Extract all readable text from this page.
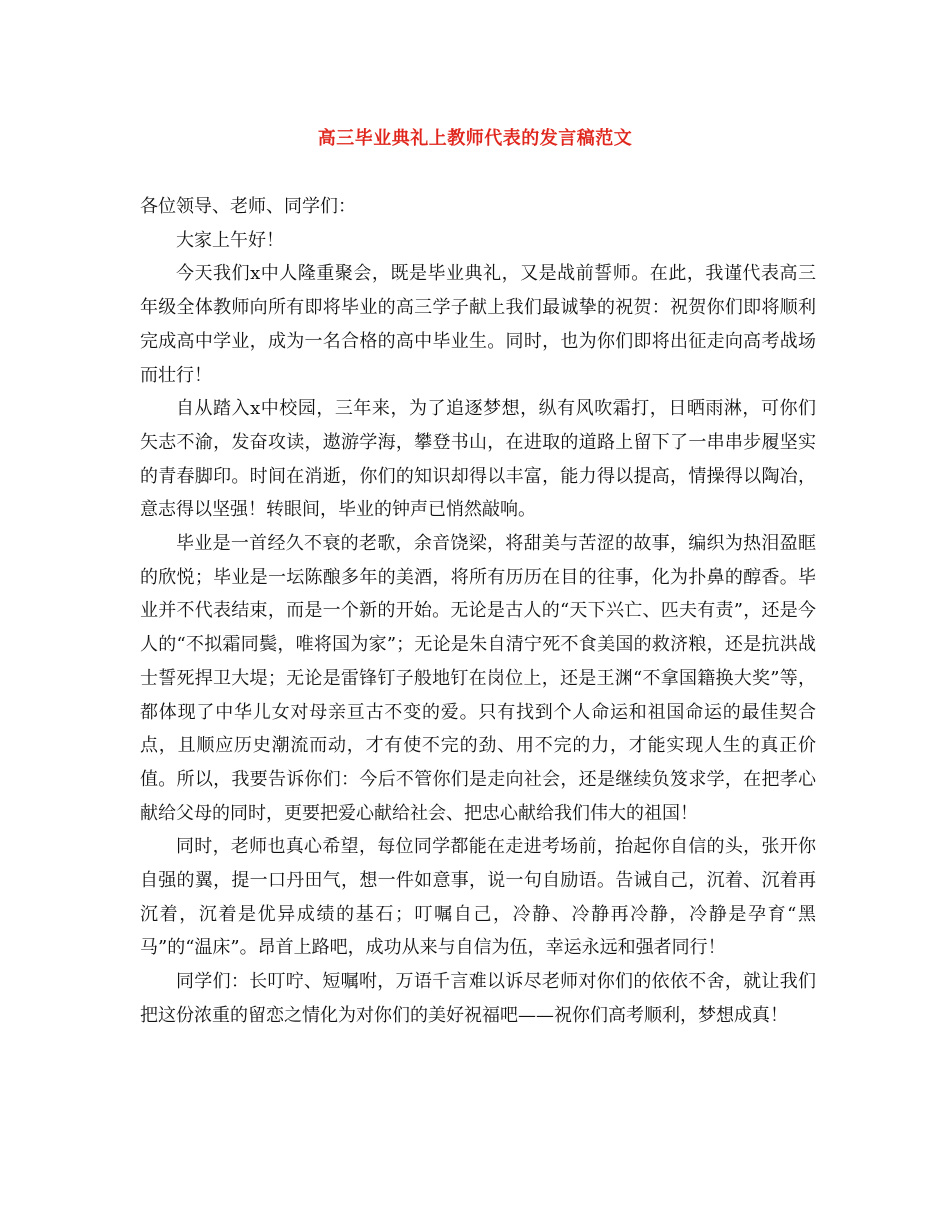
高三毕业典礼上教师代表的发言稿范文

各位领导、老师、同学们：

大家上午好！

今天我们x中人隆重聚会，既是毕业典礼，又是战前誓师。在此，我谨代表高三年级全体教师向所有即将毕业的高三学子献上我们最诚挚的祝贺：祝贺你们即将顺利完成高中学业，成为一名合格的高中毕业生。同时，也为你们即将出征走向高考战场而壮行！

自从踏入x中校园，三年来，为了追逐梦想，纵有风吹霜打，日晒雨淋，可你们矢志不渝，发奋攻读，遨游学海，攀登书山，在进取的道路上留下了一串串步履坚实的青春脚印。时间在消逝，你们的知识却得以丰富，能力得以提高，情操得以陶冶，意志得以坚强！转眼间，毕业的钟声已悄然敲响。

毕业是一首经久不衰的老歌，余音饶梁，将甜美与苦涩的故事，编织为热泪盈眶的欣悦；毕业是一坛陈酿多年的美酒，将所有历历在目的往事，化为扑鼻的醇香。毕业并不代表结束，而是一个新的开始。无论是古人的“天下兴亡、匹夫有责”，还是今人的“不拟霜同鬓，唯将国为家”；无论是朱自清宁死不食美国的救济粮，还是抗洪战士誓死捍卫大堤；无论是雷锋钉子般地钉在岗位上，还是王渊“不拿国籍换大奖”等，都体现了中华儿女对母亲亘古不变的爱。只有找到个人命运和祖国命运的最佳契合点，且顺应历史潮流而动，才有使不完的劲、用不完的力，才能实现人生的真正价值。所以，我要告诉你们：今后不管你们是走向社会，还是继续负笈求学，在把孝心献给父母的同时，更要把爱心献给社会、把忠心献给我们伟大的祖国！

同时，老师也真心希望，每位同学都能在走进考场前，抬起你自信的头，张开你自强的翼，提一口丹田气，想一件如意事，说一句自励语。告诫自己，沉着、沉着再沉着，沉着是优异成绩的基石；叮嘱自己，冷静、冷静再冷静，冷静是孕育“黑马”的“温床”。昂首上路吧，成功从来与自信为伍，幸运永远和强者同行！

同学们：长叮咛、短嘱咐，万语千言难以诉尽老师对你们的依依不舍，就让我们把这份浓重的留恋之情化为对你们的美好祝福吧——祝你们高考顺利，梦想成真！
